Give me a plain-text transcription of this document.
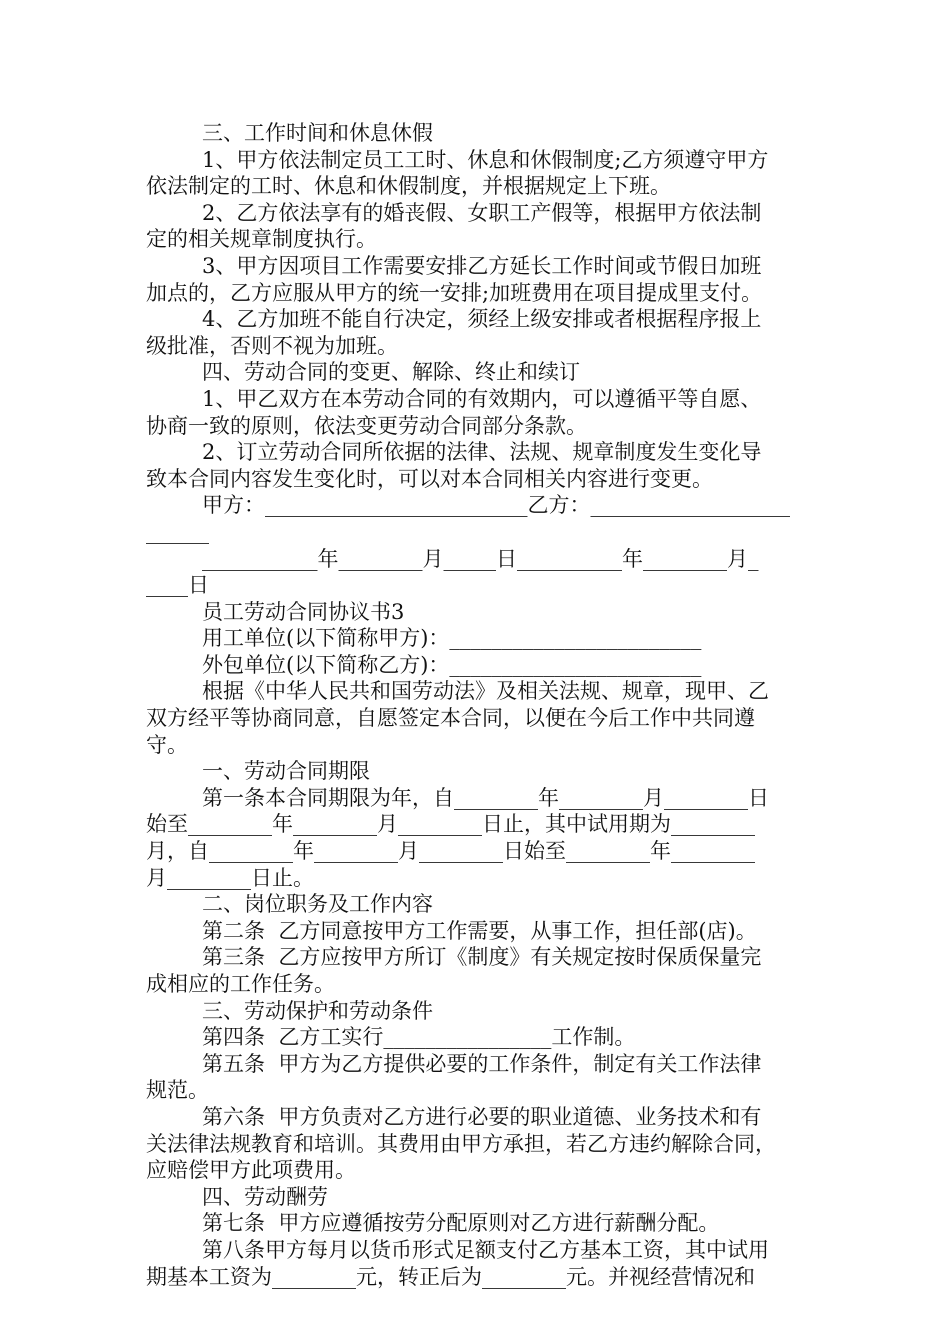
三、工作时间和休息休假
1、甲方依法制定员工工时、休息和休假制度;乙方须遵守甲方
依法制定的工时、休息和休假制度，并根据规定上下班。
2、乙方依法享有的婚丧假、女职工产假等，根据甲方依法制
定的相关规章制度执行。
3、甲方因项目工作需要安排乙方延长工作时间或节假日加班
加点的，乙方应服从甲方的统一安排;加班费用在项目提成里支付。
4、乙方加班不能自行决定，须经上级安排或者根据程序报上
级批准，否则不视为加班。
四、劳动合同的变更、解除、终止和续订
1、甲乙双方在本劳动合同的有效期内，可以遵循平等自愿、
协商一致的原则，依法变更劳动合同部分条款。
2、订立劳动合同所依据的法律、法规、规章制度发生变化导
致本合同内容发生变化时，可以对本合同相关内容进行变更。
甲方：_________________________乙方：___________________
______
___________年________月_____日__________年________月_
____日
员工劳动合同协议书3
用工单位(以下简称甲方)：________________________
外包单位(以下简称乙方)：________________________
根据《中华人民共和国劳动法》及相关法规、规章，现甲、乙
双方经平等协商同意，自愿签定本合同，以便在今后工作中共同遵
守。
一、劳动合同期限
第一条本合同期限为年，自________年________月________日
始至________年________月________日止，其中试用期为________
月，自________年________月________日始至________年________
月________日止。
二、岗位职务及工作内容
第二条  乙方同意按甲方工作需要，从事工作，担任部(店)。
第三条  乙方应按甲方所订《制度》有关规定按时保质保量完
成相应的工作任务。
三、劳动保护和劳动条件
第四条  乙方工实行________________工作制。
第五条  甲方为乙方提供必要的工作条件，制定有关工作法律
规范。
第六条  甲方负责对乙方进行必要的职业道德、业务技术和有
关法律法规教育和培训。其费用由甲方承担，若乙方违约解除合同，
应赔偿甲方此项费用。
四、劳动酬劳
第七条  甲方应遵循按劳分配原则对乙方进行薪酬分配。
第八条甲方每月以货币形式足额支付乙方基本工资，其中试用
期基本工资为________元，转正后为________元。并视经营情况和
